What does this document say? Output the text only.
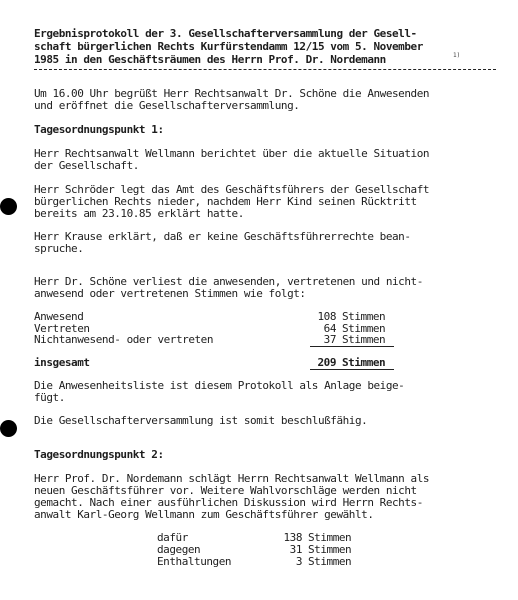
Ergebnisprotokoll der 3. Gesellschafterversammlung der Gesell-
schaft bürgerlichen Rechts Kurfürstendamm 12/15 vom 5. November
1985 in den Geschäftsräumen des Herrn Prof. Dr. Nordemann	1)
Um 16.00 Uhr begrüßt Herr Rechtsanwalt Dr. Schöne die Anwesenden
und eröffnet die Gesellschafterversammlung.
Tagesordnungspunkt 1:
Herr Rechtsanwalt Wellmann berichtet über die aktuelle Situation
der Gesellschaft.
Herr Schröder legt das Amt des Geschäftsführers der Gesellschaft
bürgerlichen Rechts nieder, nachdem Herr Kind seinen Rücktritt
bereits am 23.10.85 erklärt hatte.
Herr Krause erklärt, daß er keine Geschäftsführerrechte bean-
spruche.
Herr Dr. Schöne verliest die anwesenden, vertretenen und nicht-
anwesend oder vertretenen Stimmen wie folgt:
Anwesend	108 Stimmen
Vertreten	64 Stimmen
Nichtanwesend- oder vertreten	37 Stimmen
insgesamt	209 Stimmen
Die Anwesenheitsliste ist diesem Protokoll als Anlage beige-
fügt.
Die Gesellschafterversammlung ist somit beschlußfähig.
Tagesordnungspunkt 2:
Herr Prof. Dr. Nordemann schlägt Herrn Rechtsanwalt Wellmann als
neuen Geschäftsführer vor. Weitere Wahlvorschläge werden nicht
gemacht. Nach einer ausführlichen Diskussion wird Herrn Rechts-
anwalt Karl-Georg Wellmann zum Geschäftsführer gewählt.
dafür	138 Stimmen
dagegen	31 Stimmen
Enthaltungen	3 Stimmen
